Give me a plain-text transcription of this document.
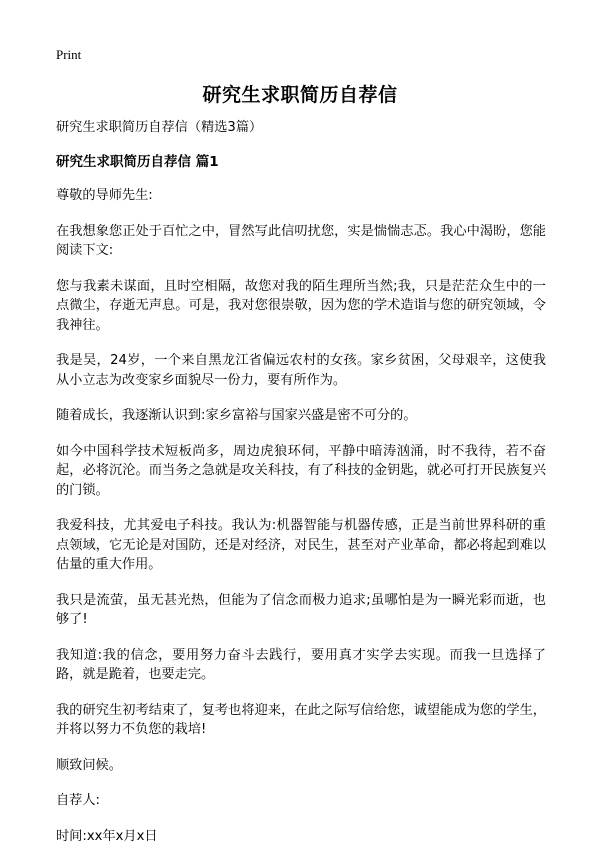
Print
研究生求职简历自荐信

研究生求职简历自荐信（精选3篇）

研究生求职简历自荐信 篇1

尊敬的导师先生:

在我想象您正处于百忙之中，冒然写此信叨扰您，实是惴惴志忑。我心中渴盼，您能阅读下文:

您与我素未谋面，且时空相隔，故您对我的陌生理所当然;我，只是茫茫众生中的一点微尘，存逝无声息。可是，我对您很崇敬，因为您的学术造诣与您的研究领域，令我神往。

我是吴，24岁，一个来自黑龙江省偏远农村的女孩。家乡贫困，父母艰辛，这使我从小立志为改变家乡面貌尽一份力，要有所作为。

随着成长，我逐渐认识到:家乡富裕与国家兴盛是密不可分的。

如今中国科学技术短板尚多，周边虎狼环伺，平静中暗涛汹涌，时不我待，若不奋起，必将沉沦。而当务之急就是攻关科技，有了科技的金钥匙，就必可打开民族复兴的门锁。

我爱科技，尤其爱电子科技。我认为:机器智能与机器传感，正是当前世界科研的重点领域，它无论是对国防，还是对经济，对民生，甚至对产业革命，都必将起到难以估量的重大作用。

我只是流萤，虽无甚光热，但能为了信念而极力追求;虽哪怕是为一瞬光彩而逝，也够了!

我知道:我的信念，要用努力奋斗去践行，要用真才实学去实现。而我一旦选择了路，就是跪着，也要走完。

我的研究生初考结束了，复考也将迎来，在此之际写信给您，诚望能成为您的学生，并将以努力不负您的栽培!

顺致问候。

自荐人:

时间:xx年x月x日
